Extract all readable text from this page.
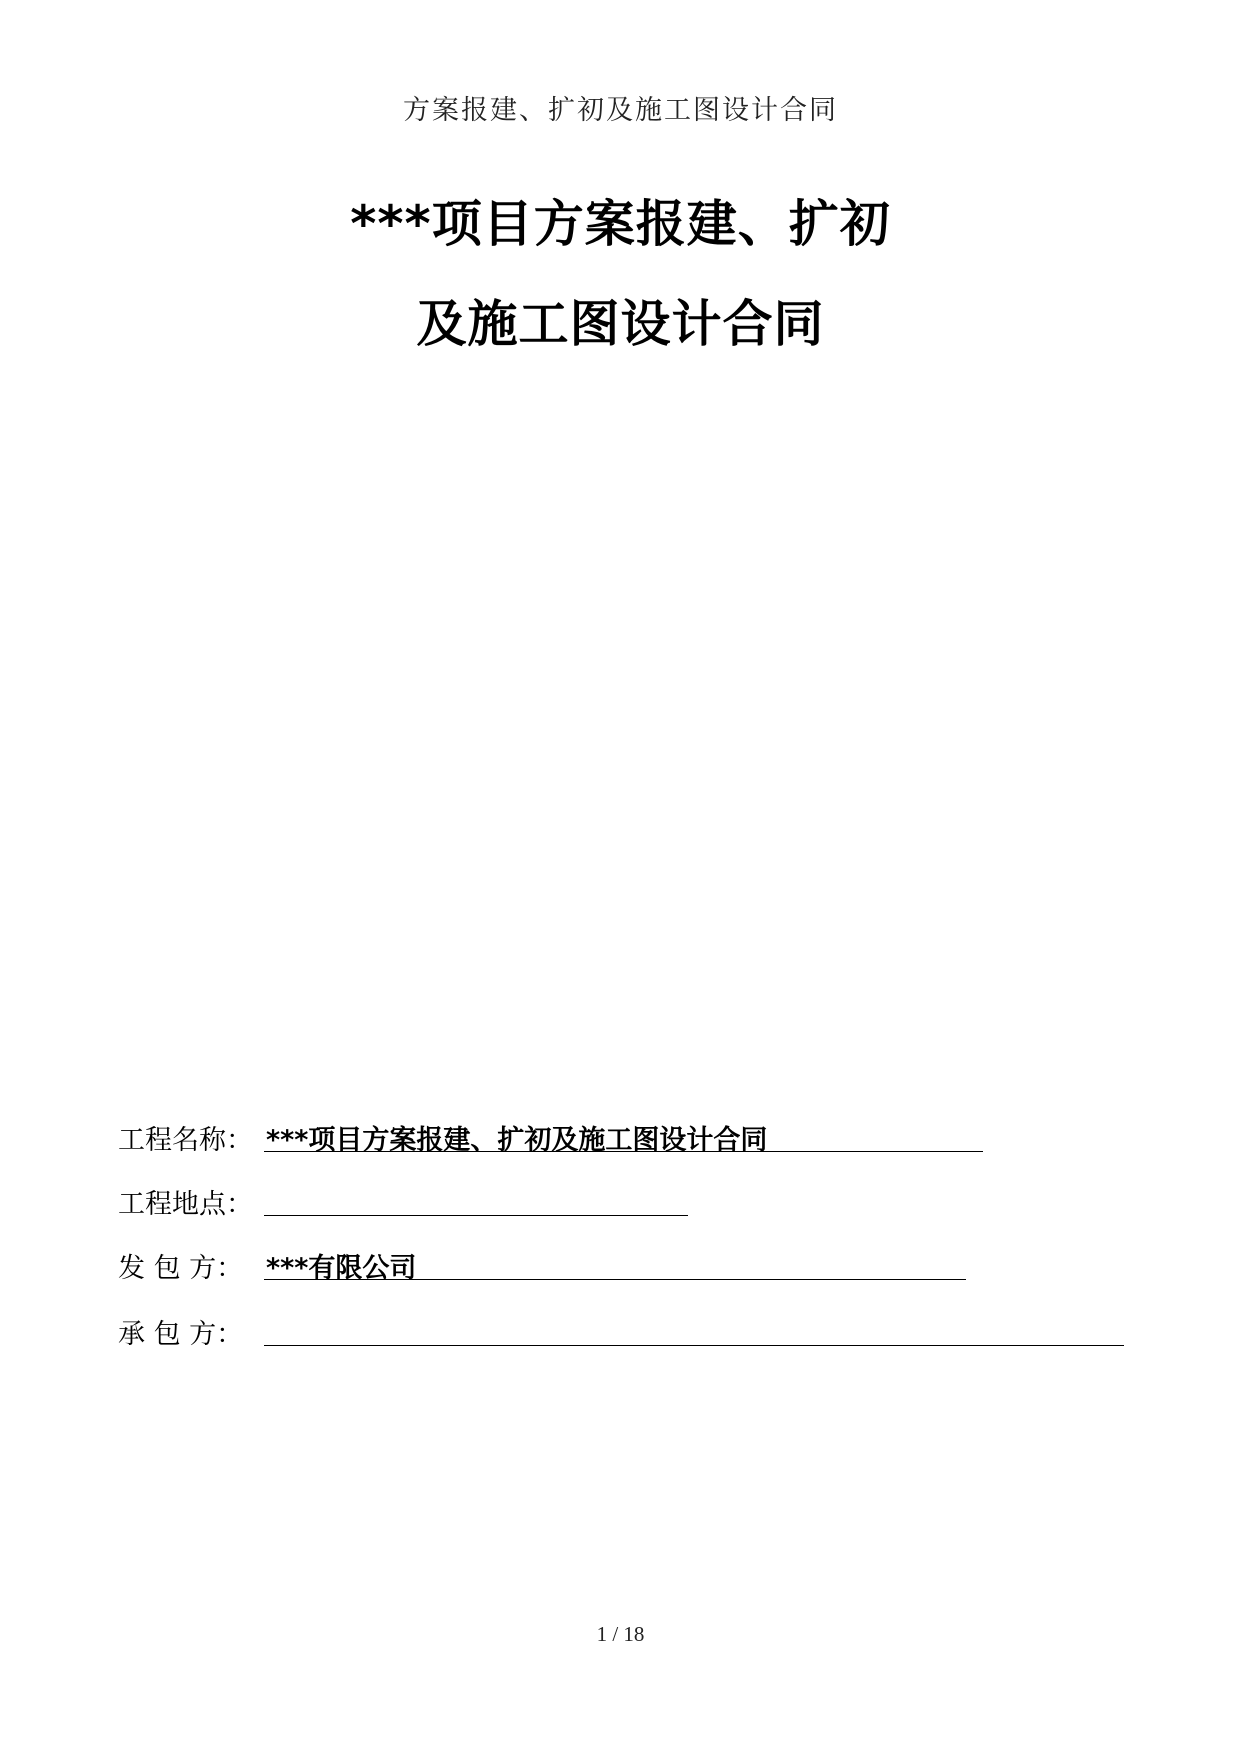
方案报建、扩初及施工图设计合同
***项目方案报建、扩初
及施工图设计合同
工程名称： ***项目方案报建、扩初及施工图设计合同
工程地点：
发 包 方： ***有限公司
承 包 方：
1 / 18
